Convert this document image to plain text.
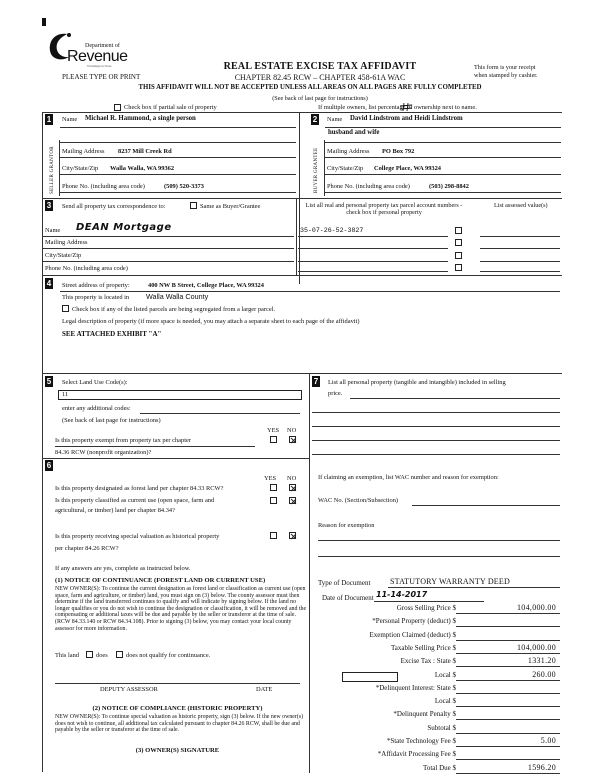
Department of
Revenue
Washington State
PLEASE TYPE OR PRINT
REAL ESTATE EXCISE TAX AFFIDAVIT
CHAPTER 82.45 RCW – CHAPTER 458-61A WAC
THIS AFFIDAVIT WILL NOT BE ACCEPTED UNLESS ALL AREAS ON ALL PAGES ARE FULLY COMPLETED
(See back of last page for instructions)
This form is your receipt
when stamped by cashier.
Check box if partial sale of property	If multiple owners, list percentage of ownership next to name.
1
SELLER GRANTOR
Name Michael R. Hammond, a single person
Mailing Address 8237 Mill Creek Rd
City/State/Zip Walla Walla, WA 99362
Phone No. (including area code)	(509) 520-3373
2
BUYER GRANTEE
Name David Lindstrom and Heidi Lindstrom
husband and wife
Mailing Address PO Box 792
City/State/Zip College Place, WA 99324
Phone No. (including area code)	(503) 298-8842
3 Send all property tax correspondence to:	Same as Buyer/Grantee
Name DEAN Mortgage
Mailing Address
City/State/Zip
Phone No. (including area code)
List all real and personal property tax parcel account numbers - check box if personal property
List assessed value(s)
35-07-26-52-3827
4 Street address of property:	400 NW B Street, College Place, WA 99324
This property is located in Walla Walla County
Check box if any of the listed parcels are being segregated from a larger parcel.
Legal description of property (if more space is needed, you may attach a separate sheet to each page of the affidavit)
SEE ATTACHED EXHIBIT "A"
5 Select Land Use Code(s):
11
enter any additional codes:
(See back of last page for instructions)
YES NO
Is this property exempt from property tax per chapter
84.36 RCW (nonprofit organization)?
6
YES NO
Is this property designated as forest land per chapter 84.33 RCW?
Is this property classified as current use (open space, farm and
agricultural, or timber) land per chapter 84.34?
Is this property receiving special valuation as historical property
per chapter 84.26 RCW?
If any answers are yes, complete as instructed below.
(1) NOTICE OF CONTINUANCE (FOREST LAND OR CURRENT USE)
NEW OWNER(S): To continue the current designation as forest land or classification as current use (open space, farm and agriculture, or timber) land, you must sign on (3) below. The county assessor must then determine if the land transferred continues to qualify and will indicate by signing below. If the land no longer qualifies or you do not wish to continue the designation or classification, it will be removed and the compensating or additional taxes will be due and payable by the seller or transferor at the time of sale. (RCW 84.33.140 or RCW 84.34.108). Prior to signing (3) below, you may contact your local county assessor for more information.
This land	does	does not qualify for continuance.
DEPUTY ASSESSOR	DATE
(2) NOTICE OF COMPLIANCE (HISTORIC PROPERTY)
NEW OWNER(S): To continue special valuation as historic property, sign (3) below. If the new owner(s) does not wish to continue, all additional tax calculated pursuant to chapter 84.26 RCW, shall be due and payable by the seller or transferor at the time of sale.
(3) OWNER(S) SIGNATURE
7 List all personal property (tangible and intangible) included in selling
price.
If claiming an exemption, list WAC number and reason for exemption:
WAC No. (Section/Subsection)
Reason for exemption
Type of Document STATUTORY WARRANTY DEED
Date of Document 11-14-2017
Gross Selling Price $	104,000.00
*Personal Property (deduct) $
Exemption Claimed (deduct) $
Taxable Selling Price $	104,000.00
Excise Tax : State $	1331.20
Local $	260.00
*Delinquent Interest: State $
Local $
*Delinquent Penalty $
Subtotal $
*State Technology Fee $	5.00
*Affidavit Processing Fee $
Total Due $	1596.20
